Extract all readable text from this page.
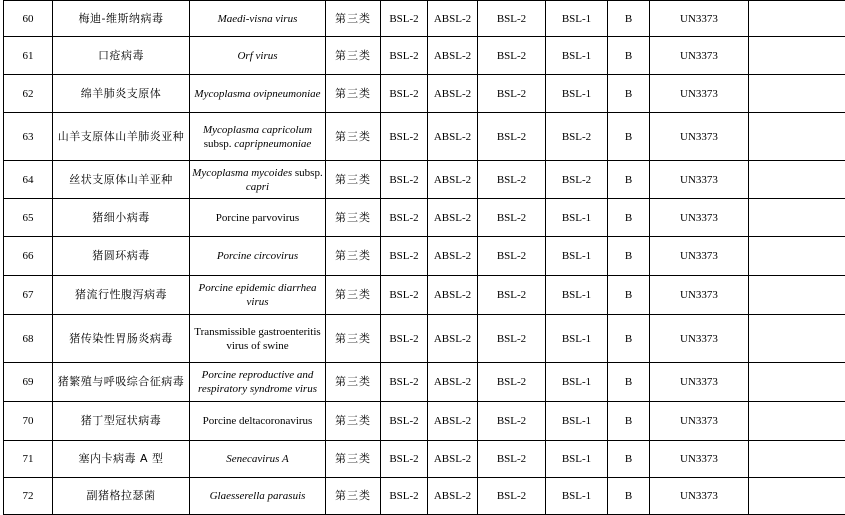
60	梅迪-维斯纳病毒	Maedi-visna virus	第三类	BSL-2	ABSL-2	BSL-2	BSL-1	B	UN3373	
61	口疮病毒	Orf virus	第三类	BSL-2	ABSL-2	BSL-2	BSL-1	B	UN3373	
62	绵羊肺炎支原体	Mycoplasma ovipneumoniae	第三类	BSL-2	ABSL-2	BSL-2	BSL-1	B	UN3373	
63	山羊支原体山羊肺炎亚种	Mycoplasma capricolum subsp. capripneumoniae	第三类	BSL-2	ABSL-2	BSL-2	BSL-2	B	UN3373	
64	丝状支原体山羊亚种	Mycoplasma mycoides subsp. capri	第三类	BSL-2	ABSL-2	BSL-2	BSL-2	B	UN3373	
65	猪细小病毒	Porcine parvovirus	第三类	BSL-2	ABSL-2	BSL-2	BSL-1	B	UN3373	
66	猪圆环病毒	Porcine circovirus	第三类	BSL-2	ABSL-2	BSL-2	BSL-1	B	UN3373	
67	猪流行性腹泻病毒	Porcine epidemic diarrhea virus	第三类	BSL-2	ABSL-2	BSL-2	BSL-1	B	UN3373	
68	猪传染性胃肠炎病毒	Transmissible gastroenteritis virus of swine	第三类	BSL-2	ABSL-2	BSL-2	BSL-1	B	UN3373	
69	猪繁殖与呼吸综合征病毒	Porcine reproductive and respiratory syndrome virus	第三类	BSL-2	ABSL-2	BSL-2	BSL-1	B	UN3373	
70	猪丁型冠状病毒	Porcine deltacoronavirus	第三类	BSL-2	ABSL-2	BSL-2	BSL-1	B	UN3373	
71	塞内卡病毒 A 型	Senecavirus A	第三类	BSL-2	ABSL-2	BSL-2	BSL-1	B	UN3373	
72	副猪格拉瑟菌	Glaesserella parasuis	第三类	BSL-2	ABSL-2	BSL-2	BSL-1	B	UN3373	
